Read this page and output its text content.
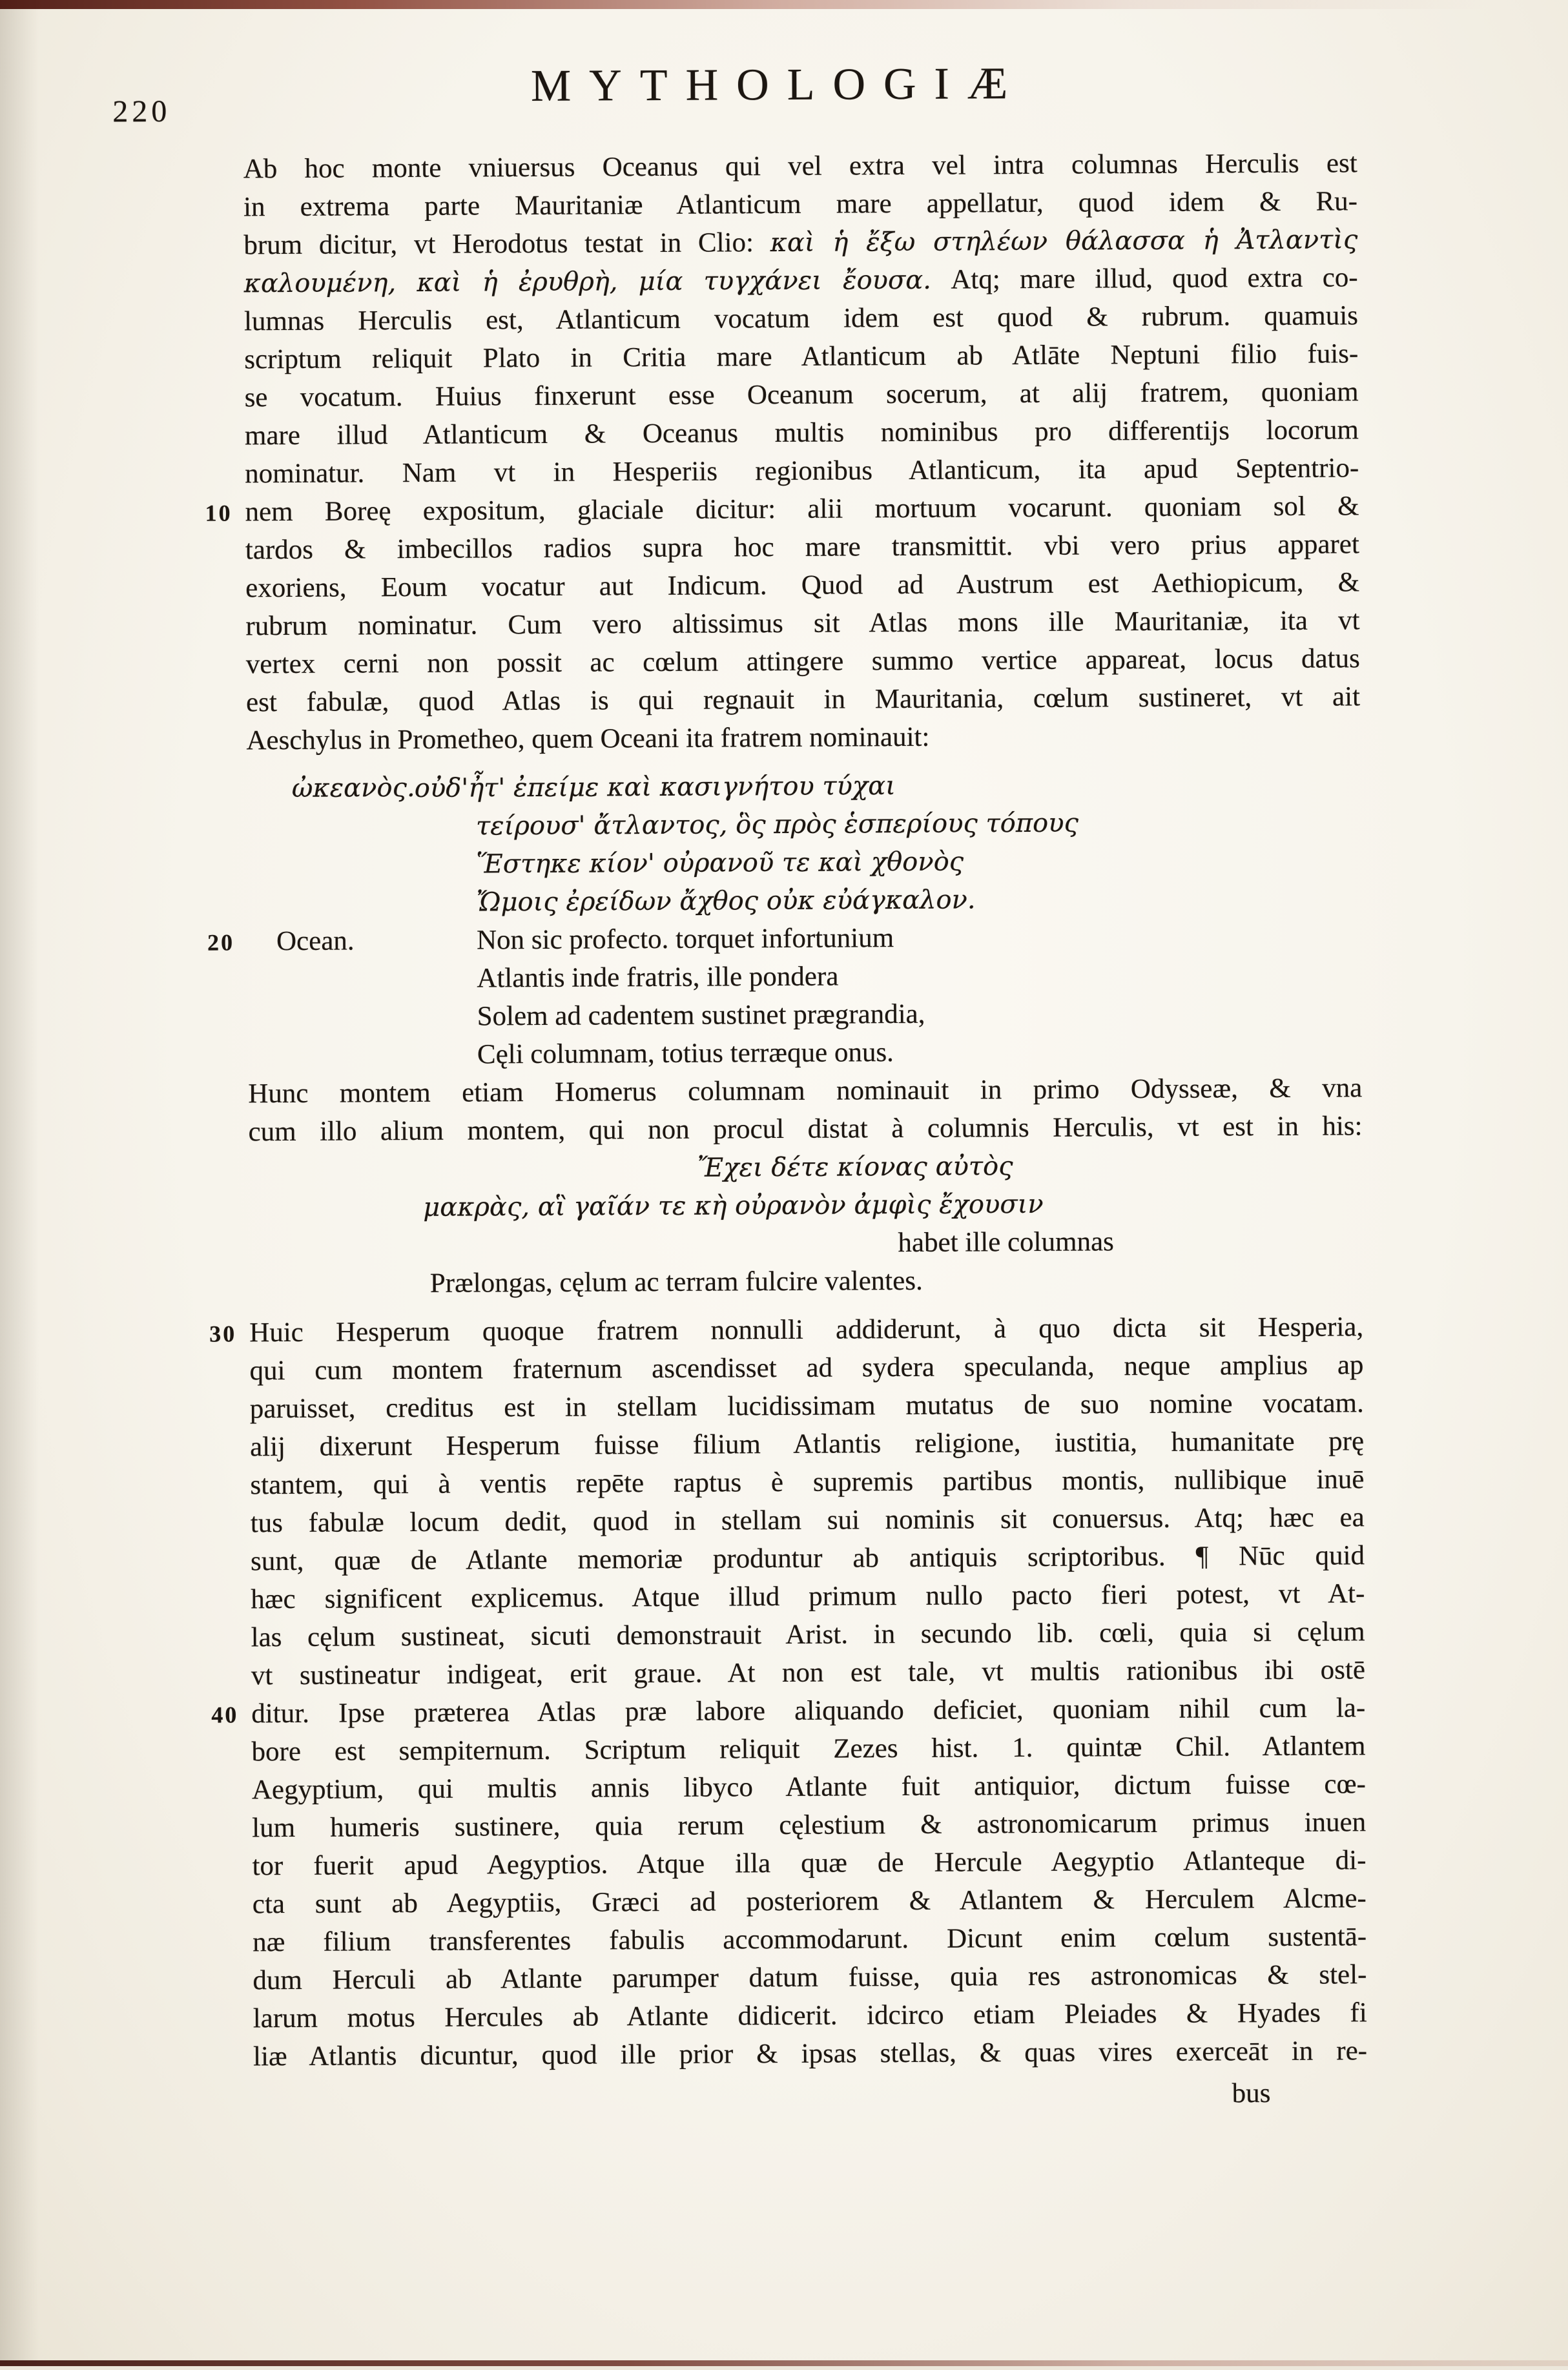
220
MYTHOLOGIÆ
Ab hoc monte vniuersus Oceanus qui vel extra vel intra columnas Herculis est
in extrema parte Mauritaniæ Atlanticum mare appellatur, quod idem & Ru-
brum dicitur, vt Herodotus testat in Clio: καὶ ἡ ἔξω στηλέων θάλασσα ἡ Ἀτλαντὶς
καλουμένη, καὶ ἡ ἐρυθρὴ, μία τυγχάνει ἔουσα. Atq; mare illud, quod extra co-
lumnas Herculis est, Atlanticum vocatum idem est quod & rubrum. quamuis
scriptum reliquit Plato in Critia mare Atlanticum ab Atlāte Neptuni filio fuis-
se vocatum. Huius finxerunt esse Oceanum socerum, at alij fratrem, quoniam
mare illud Atlanticum & Oceanus multis nominibus pro differentijs locorum
nominatur. Nam vt in Hesperiis regionibus Atlanticum, ita apud Septentrio-
10 nem Boreę expositum, glaciale dicitur: alii mortuum vocarunt. quoniam sol &
tardos & imbecillos radios supra hoc mare transmittit. vbi vero prius apparet
exoriens, Eoum vocatur aut Indicum. Quod ad Austrum est Aethiopicum, &
rubrum nominatur. Cum vero altissimus sit Atlas mons ille Mauritaniæ, ita vt
vertex cerni non possit ac cœlum attingere summo vertice appareat, locus datus
est fabulæ, quod Atlas is qui regnauit in Mauritania, cœlum sustineret, vt ait
Aeschylus in Prometheo, quem Oceani ita fratrem nominauit:
ὠκεανὸς.
οὐδ'ἦτ' ἐπείμε καὶ κασιγνήτου τύχαι
τείρουσ' ἄτλαντος, ὃς πρὸς ἑσπερίους τόπους
Ἕστηκε κίον' οὐρανοῦ τε καὶ χθονὸς
Ὤμοις ἐρείδων ἄχθος οὐκ εὐάγκαλον.
20 Ocean.	Non sic profecto. torquet infortunium
Atlantis inde fratris, ille pondera
Solem ad cadentem sustinet prægrandia,
Cęli columnam, totius terræque onus.
Hunc montem etiam Homerus columnam nominauit in primo Odysseæ, & vna
cum illo alium montem, qui non procul distat à columnis Herculis, vt est in his:
Ἔχει δέτε κίονας αὐτὸς
μακρὰς, αἳ γαῖάν τε κὴ οὐρανὸν ἀμφὶς ἔχουσιν
habet ille columnas
Prælongas, cęlum ac terram fulcire valentes.
30 Huic Hesperum quoque fratrem nonnulli addiderunt, à quo dicta sit Hesperia,
qui cum montem fraternum ascendisset ad sydera speculanda, neque amplius ap
paruisset, creditus est in stellam lucidissimam mutatus de suo nomine vocatam.
alij dixerunt Hesperum fuisse filium Atlantis religione, iustitia, humanitate prę
stantem, qui à ventis repēte raptus è supremis partibus montis, nullibique inuē
tus fabulæ locum dedit, quod in stellam sui nominis sit conuersus. Atq; hæc ea
sunt, quæ de Atlante memoriæ produntur ab antiquis scriptoribus. ¶ Nūc quid
hæc significent explicemus. Atque illud primum nullo pacto fieri potest, vt At-
las cęlum sustineat, sicuti demonstrauit Arist. in secundo lib. cœli, quia si cęlum
vt sustineatur indigeat, erit graue. At non est tale, vt multis rationibus ibi ostē
40 ditur. Ipse præterea Atlas præ labore aliquando deficiet, quoniam nihil cum la-
bore est sempiternum. Scriptum reliquit Zezes hist. 1. quintæ Chil. Atlantem
Aegyptium, qui multis annis libyco Atlante fuit antiquior, dictum fuisse cœ-
lum humeris sustinere, quia rerum cęlestium & astronomicarum primus inuen
tor fuerit apud Aegyptios. Atque illa quæ de Hercule Aegyptio Atlanteque di-
cta sunt ab Aegyptiis, Græci ad posteriorem & Atlantem & Herculem Alcme-
næ filium transferentes fabulis accommodarunt. Dicunt enim cœlum sustentā-
dum Herculi ab Atlante parumper datum fuisse, quia res astronomicas & stel-
larum motus Hercules ab Atlante didicerit. idcirco etiam Pleiades & Hyades fi
liæ Atlantis dicuntur, quod ille prior & ipsas stellas, & quas vires exerceāt in re-
bus
